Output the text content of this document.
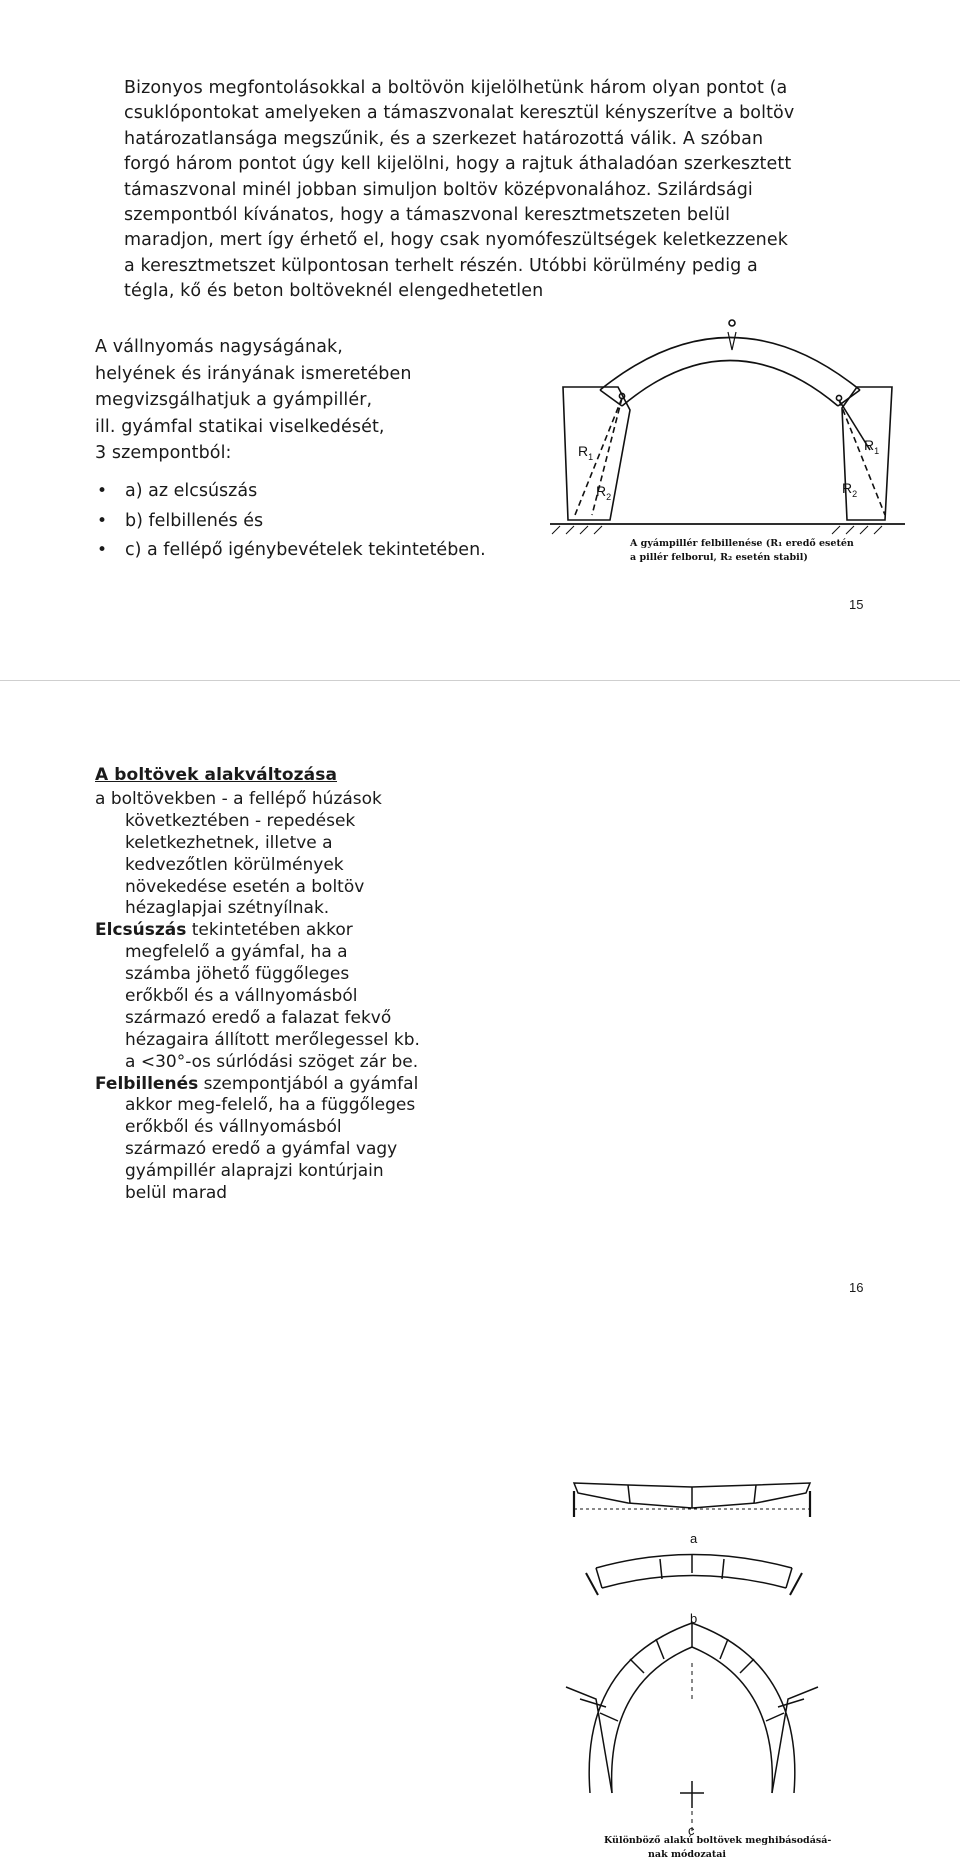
Bizonyos megfontolásokkal a boltövön kijelölhetünk három olyan pontot (a
csuklópontokat amelyeken a támaszvonalat keresztül kényszerítve a boltöv
határozatlansága megszűnik, és a szerkezet határozottá válik. A szóban
forgó három pontot úgy kell kijelölni, hogy a rajtuk áthaladóan szerkesztett
támaszvonal minél jobban simuljon boltöv középvonalához. Szilárdsági
szempontból kívánatos, hogy a támaszvonal keresztmetszeten belül
maradjon, mert így érhető el, hogy csak nyomófeszültségek keletkezzenek
a keresztmetszet külpontosan terhelt részén. Utóbbi körülmény pedig a
tégla, kő és beton boltöveknél elengedhetetlen
A vállnyomás nagyságának,
helyének és irányának ismeretében
megvizsgálhatjuk a gyámpillér,
ill. gyámfal statikai viselkedését,
3 szempontból:
• a) az elcsúszás
• b) felbillenés és
• c) a fellépő igénybevételek tekintetében.
$R_1$
$R_2$
$R_1$
$R_2$
A gyámpillér felbillenése (R₁ eredő esetén
a pillér felborul, R₂ esetén stabil)
15
A boltövek alakváltozása
a boltövekben - a fellépő húzások
következtében - repedések
keletkezhetnek, illetve a
kedvezőtlen körülmények
növekedése esetén a boltöv
hézaglapjai szétnyílnak.
Elcsúszás tekintetében akkor
megfelelő a gyámfal, ha a
számba jöhető függőleges
erőkből és a vállnyomásból
származó eredő a falazat fekvő
hézagaira állított merőlegessel kb.
a <30°-os súrlódási szöget zár be.
Felbillenés szempontjából a gyámfal
akkor meg-felelő, ha a függőleges
erőkből és vállnyomásból
származó eredő a gyámfal vagy
gyámpillér alaprajzi kontúrjain
belül marad
a
b
c
Különböző alakú boltövek meghibásodásá-
nak módozatai
16
